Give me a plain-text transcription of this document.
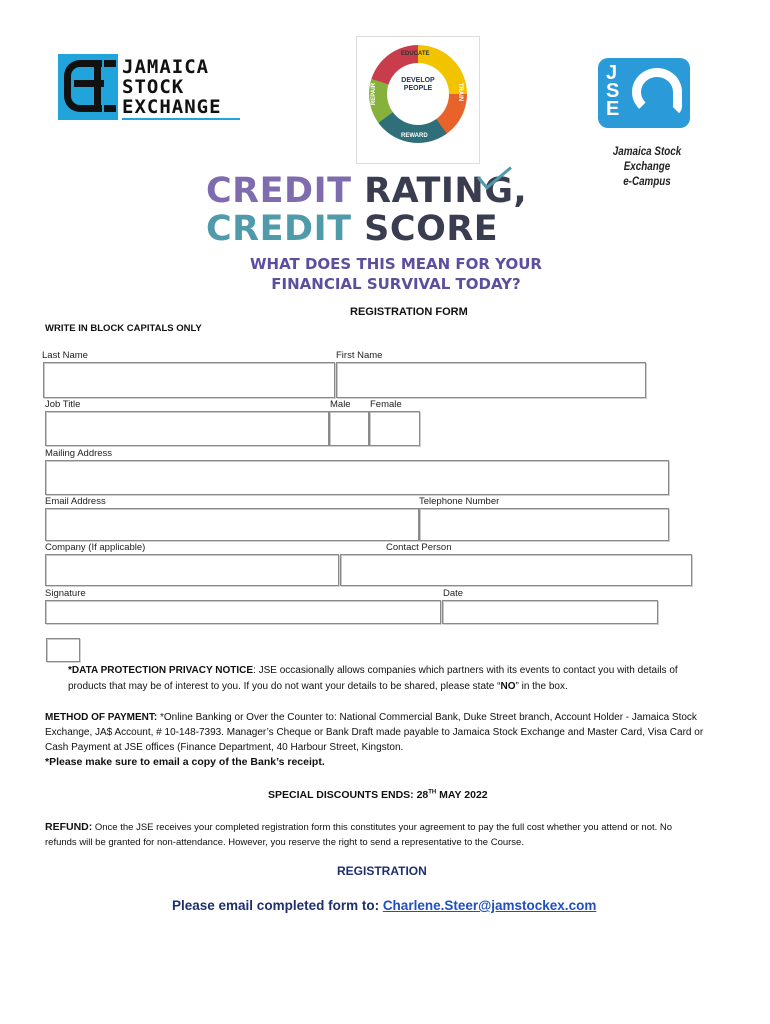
JAMAICA
STOCK
EXCHANGE
EDUCATE
TRAIN
REWARD
REPAIR
DEVELOP PEOPLE
J
S
E
Jamaica Stock Exchange
e-Campus
CREDIT RATING,
CREDIT SCORE
WHAT DOES THIS MEAN FOR YOUR
FINANCIAL SURVIVAL TODAY?
REGISTRATION FORM
WRITE IN BLOCK CAPITALS ONLY
Last Name	First Name
Job Title	Male Female
Mailing Address
Email Address	Telephone Number
Company (If applicable)	Contact Person
Signature	Date
*DATA PROTECTION PRIVACY NOTICE: JSE occasionally allows companies which partners with its events to contact you with details of products that may be of interest to you. If you do not want your details to be shared, please state “NO” in the box.
METHOD OF PAYMENT: *Online Banking or Over the Counter to: National Commercial Bank, Duke Street branch, Account Holder - Jamaica Stock Exchange, JA$ Account, # 10-148-7393. Manager’s Cheque or Bank Draft made payable to Jamaica Stock Exchange and Master Card, Visa Card or Cash Payment at JSE offices (Finance Department, 40 Harbour Street, Kingston.
*Please make sure to email a copy of the Bank’s receipt.
SPECIAL DISCOUNTS ENDS: 28TH MAY 2022
REFUND: Once the JSE receives your completed registration form this constitutes your agreement to pay the full cost whether you attend or not. No refunds will be granted for non-attendance. However, you reserve the right to send a representative to the Course.
REGISTRATION
Please email completed form to: Charlene.Steer@jamstockex.com
